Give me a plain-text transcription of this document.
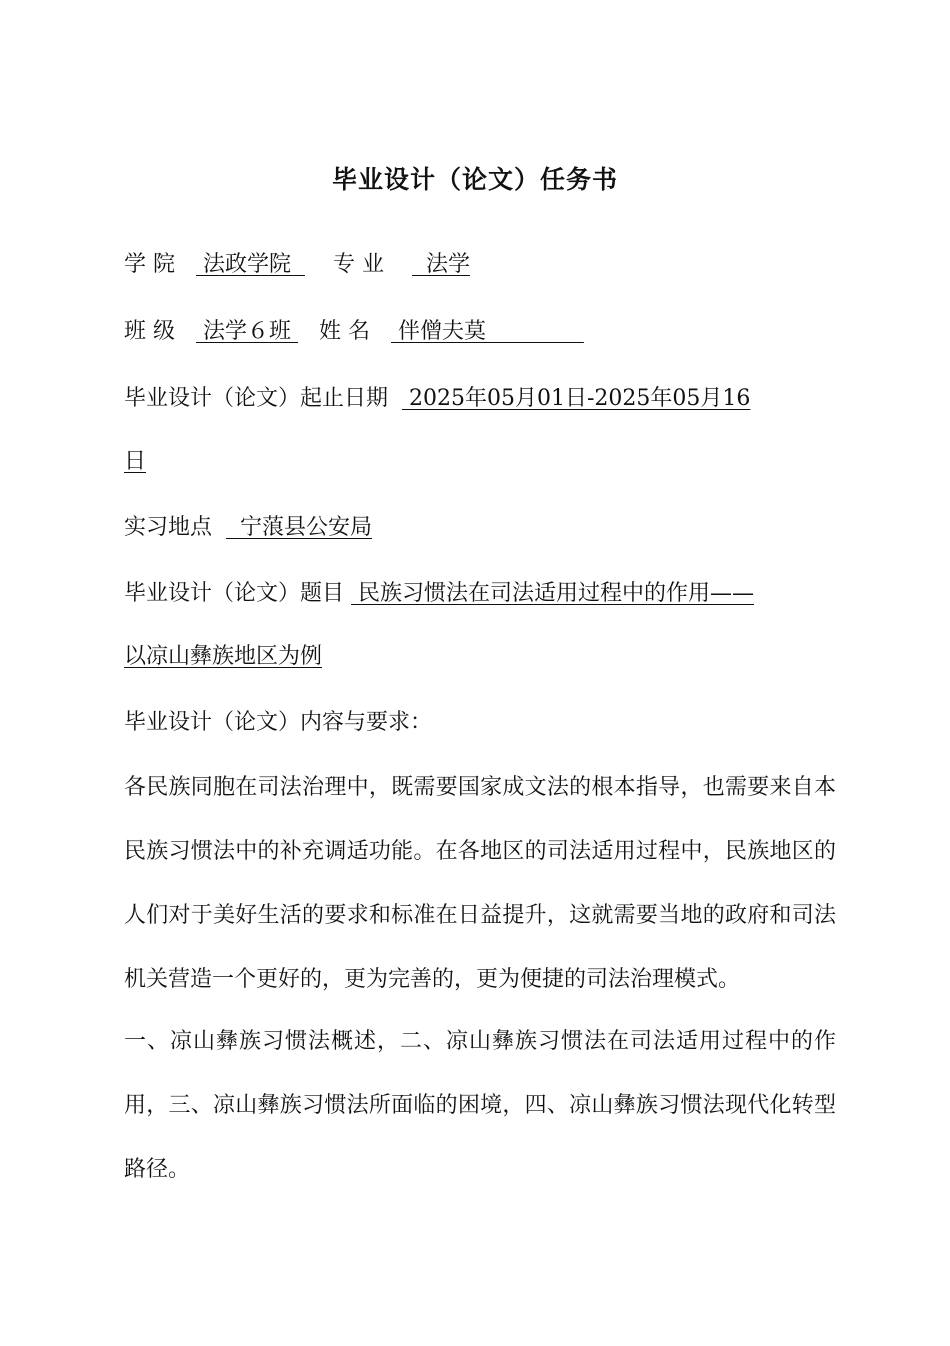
毕业设计（论文）任务书
学 院    法政学院      专 业      法学
班 级    法学６班    姓 名    伴僧夫莫
毕业设计（论文）起止日期   2025年05月01日-2025年05月16
日
实习地点    宁蒗县公安局
毕业设计（论文）题目  民族习惯法在司法适用过程中的作用——
以凉山彝族地区为例
毕业设计（论文）内容与要求：
各民族同胞在司法治理中，既需要国家成文法的根本指导，也需要来自本民族习惯法中的补充调适功能。在各地区的司法适用过程中，民族地区的人们对于美好生活的要求和标准在日益提升，这就需要当地的政府和司法机关营造一个更好的，更为完善的，更为便捷的司法治理模式。
一、凉山彝族习惯法概述，二、凉山彝族习惯法在司法适用过程中的作用，三、凉山彝族习惯法所面临的困境，四、凉山彝族习惯法现代化转型路径。
